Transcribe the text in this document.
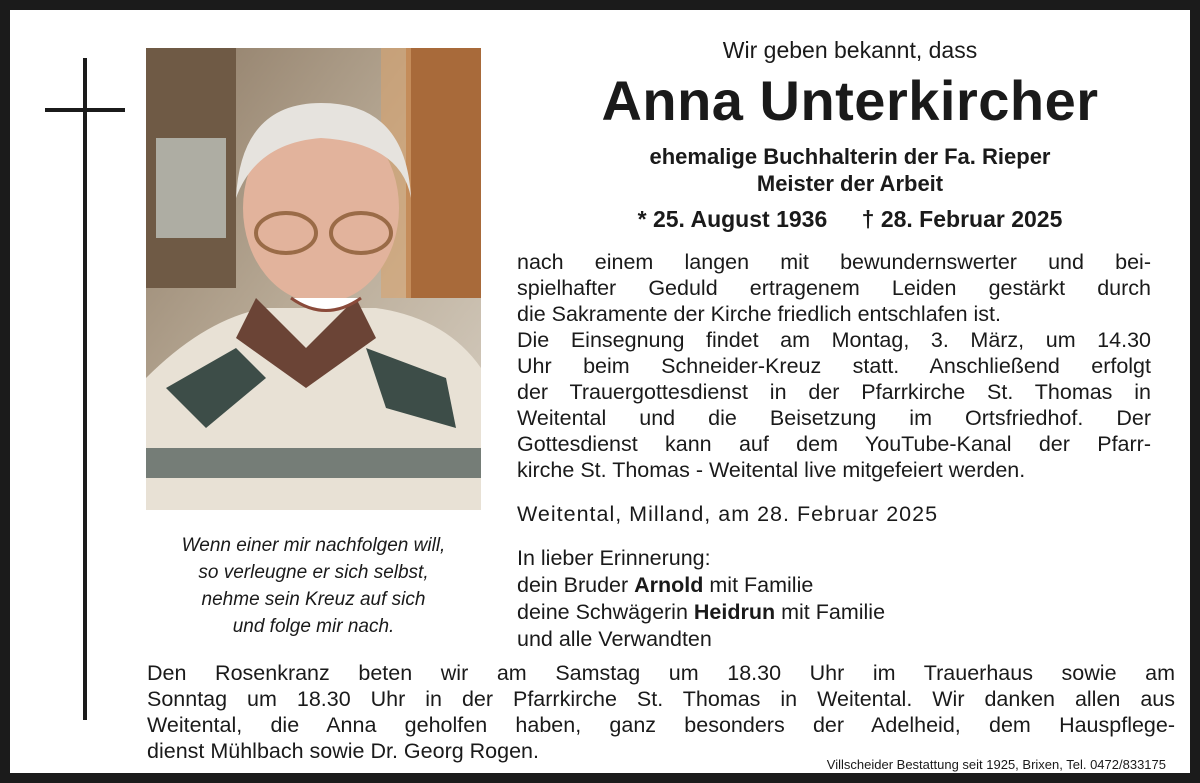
Wenn einer mir nachfolgen will,
so verleugne er sich selbst,
nehme sein Kreuz auf sich
und folge mir nach.
Wir geben bekannt, dass
Anna Unterkircher
ehemalige Buchhalterin der Fa. Rieper
Meister der Arbeit
* 25. August 1936 † 28. Februar 2025
nach einem langen mit bewundernswerter und bei-
spielhafter Geduld ertragenem Leiden gestärkt durch
die Sakramente der Kirche friedlich entschlafen ist.
Die Einsegnung findet am Montag, 3. März, um 14.30
Uhr beim Schneider-Kreuz statt. Anschließend erfolgt
der Trauergottesdienst in der Pfarrkirche St. Thomas in
Weitental und die Beisetzung im Ortsfriedhof. Der
Gottesdienst kann auf dem YouTube-Kanal der Pfarr-
kirche St. Thomas - Weitental live mitgefeiert werden.
Weitental, Milland, am 28. Februar 2025
In lieber Erinnerung:
dein Bruder Arnold mit Familie
deine Schwägerin Heidrun mit Familie
und alle Verwandten
Den Rosenkranz beten wir am Samstag um 18.30 Uhr im Trauerhaus sowie am
Sonntag um 18.30 Uhr in der Pfarrkirche St. Thomas in Weitental. Wir danken allen aus
Weitental, die Anna geholfen haben, ganz besonders der Adelheid, dem Hauspflege-
dienst Mühlbach sowie Dr. Georg Rogen.
Villscheider Bestattung seit 1925, Brixen, Tel. 0472/833175
